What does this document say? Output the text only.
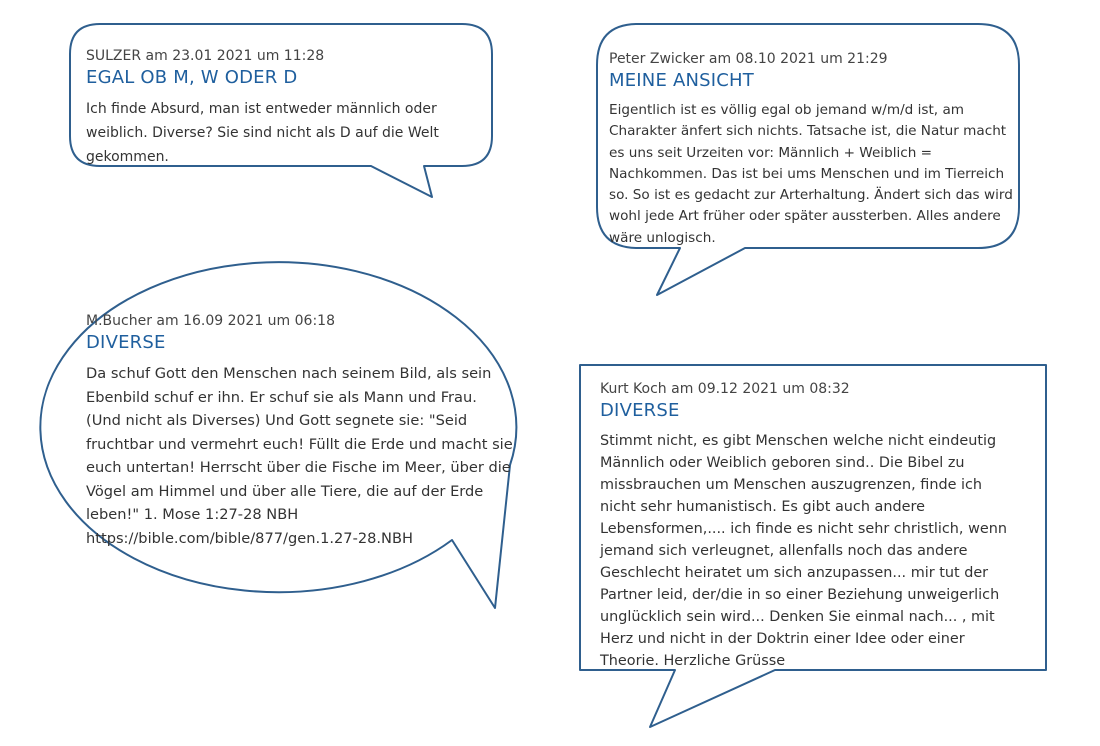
SULZER am 23.01 2021 um 11:28
EGAL OB M, W ODER D
Ich finde Absurd, man ist entweder männlich oder weiblich. Diverse? Sie sind nicht als D auf die Welt gekommen.
Peter Zwicker am 08.10 2021 um 21:29
MEINE ANSICHT
Eigentlich ist es völlig egal ob jemand w/m/d ist, am Charakter änfert sich nichts. Tatsache ist, die Natur macht es uns seit Urzeiten vor: Männlich + Weiblich = Nachkommen. Das ist bei ums Menschen und im Tierreich so. So ist es gedacht zur Arterhaltung. Ändert sich das wird wohl jede Art früher oder später aussterben. Alles andere wäre unlogisch.
M.Bucher am 16.09 2021 um 06:18
DIVERSE
Da schuf Gott den Menschen nach seinem Bild, als sein Ebenbild schuf er ihn. Er schuf sie als Mann und Frau. (Und nicht als Diverses) Und Gott segnete sie: "Seid fruchtbar und vermehrt euch! Füllt die Erde und macht sie euch untertan! Herrscht über die Fische im Meer, über die Vögel am Himmel und über alle Tiere, die auf der Erde leben!" 1. Mose 1:27-28 NBH https://bible.com/bible/877/gen.1.27-28.NBH
Kurt Koch am 09.12 2021 um 08:32
DIVERSE
Stimmt nicht, es gibt Menschen welche nicht eindeutig Männlich oder Weiblich geboren sind.. Die Bibel zu missbrauchen um Menschen auszugrenzen, finde ich nicht sehr humanistisch. Es gibt auch andere Lebensformen,.... ich finde es nicht sehr christlich, wenn jemand sich verleugnet, allenfalls noch das andere Geschlecht heiratet um sich anzupassen... mir tut der Partner leid, der/die in so einer Beziehung unweigerlich unglücklich sein wird... Denken Sie einmal nach... , mit Herz und nicht in der Doktrin einer Idee oder einer Theorie. Herzliche Grüsse
